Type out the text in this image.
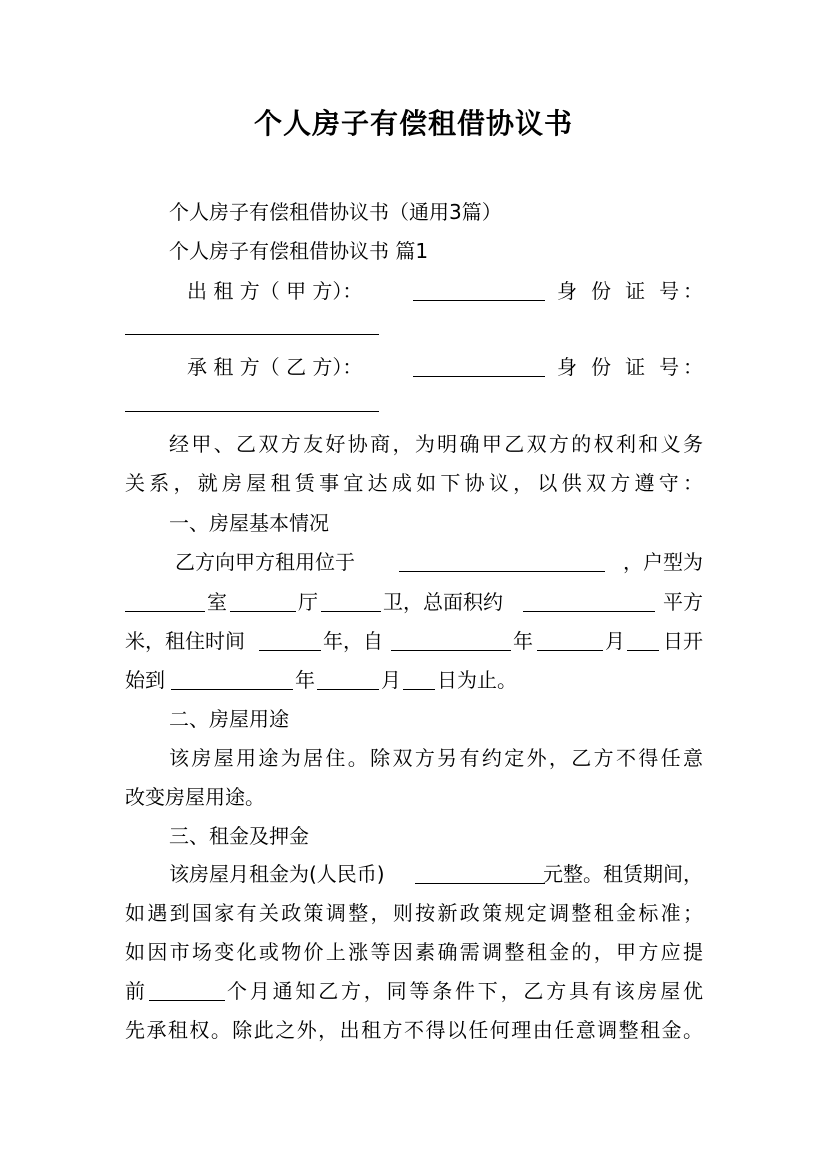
个人房子有偿租借协议书
个人房子有偿租借协议书（通用3篇）
个人房子有偿租借协议书 篇1
出 租 方（ 甲 方）：	身 份 证 号：
承 租 方（ 乙 方）：	身 份 证 号：
经甲、乙双方友好协商，为明确甲乙双方的权利和义务
关系，就房屋租赁事宜达成如下协议，以供双方遵守：
一、房屋基本情况
乙方向甲方租用位于	，户型为
室	厅	卫，总面积约	平方
米，租住时间	年，自	年	月 日开
始到	年	月 日为止。
二、房屋用途
该房屋用途为居住。除双方另有约定外，乙方不得任意
改变房屋用途。
三、租金及押金
该房屋月租金为(人民币)	元整。租赁期间，
如遇到国家有关政策调整，则按新政策规定调整租金标准；
如因市场变化或物价上涨等因素确需调整租金的，甲方应提
前	个月通知乙方，同等条件下，乙方具有该房屋优
先承租权。除此之外，出租方不得以任何理由任意调整租金。
